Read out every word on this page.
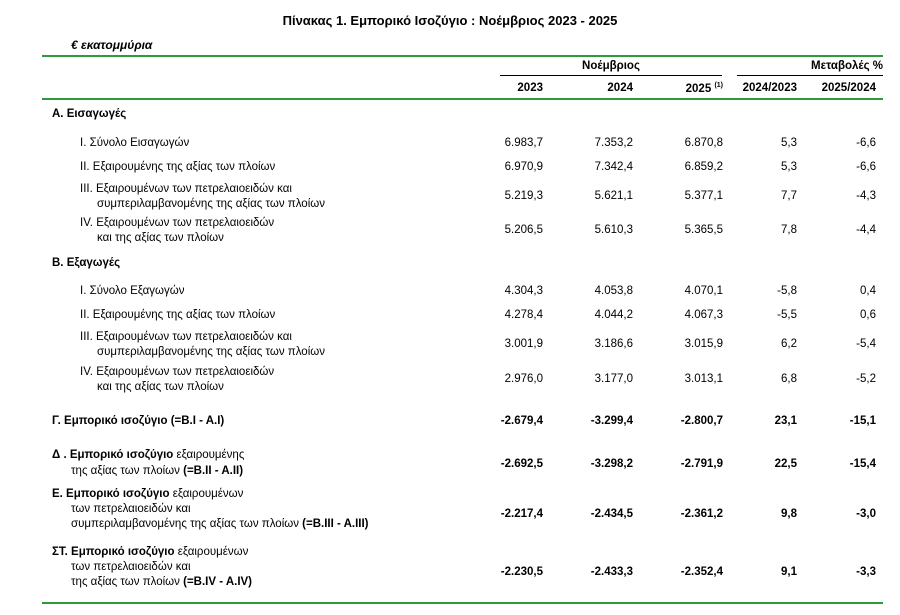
Πίνακας 1. Εμπορικό Ισοζύγιο : Νοέμβριος 2023 - 2025
€ εκατομμύρια
Νοέμβριος	Μεταβολές %
2023	2024	2025 $^{(1)}$	2024/2023	2025/2024
Α. Εισαγωγές
I. Σύνολο Εισαγωγών	6.983,7	7.353,2	6.870,8	5,3	-6,6
II. Εξαιρουμένης της αξίας των πλοίων	6.970,9	7.342,4	6.859,2	5,3	-6,6
III. Εξαιρουμένων των πετρελαιοειδών και
συμπεριλαμβανομένης της αξίας των πλοίων
5.219,3	5.621,1	5.377,1	7,7	-4,3
IV. Εξαιρουμένων των πετρελαιοειδών
και της αξίας των πλοίων
5.206,5	5.610,3	5.365,5	7,8	-4,4
Β. Εξαγωγές
I. Σύνολο Εξαγωγών	4.304,3	4.053,8	4.070,1	-5,8	0,4
II. Εξαιρουμένης της αξίας των πλοίων	4.278,4	4.044,2	4.067,3	-5,5	0,6
III. Εξαιρουμένων των πετρελαιοειδών και
συμπεριλαμβανομένης της αξίας των πλοίων
3.001,9	3.186,6	3.015,9	6,2	-5,4
IV. Εξαιρουμένων των πετρελαιοειδών
και της αξίας των πλοίων
2.976,0	3.177,0	3.013,1	6,8	-5,2
Γ. Εμπορικό ισοζύγιο (=Β.Ι - Α.Ι)	-2.679,4	-3.299,4	-2.800,7	23,1	-15,1
Δ . Εμπορικό ισοζύγιο εξαιρουμένης
της αξίας των πλοίων (=Β.ΙΙ - Α.ΙΙ)
-2.692,5	-3.298,2	-2.791,9	22,5	-15,4
Ε. Εμπορικό ισοζύγιο εξαιρουμένων
των πετρελαιοειδών και
συμπεριλαμβανομένης της αξίας των πλοίων (=Β.ΙΙΙ - Α.ΙΙΙ)
-2.217,4	-2.434,5	-2.361,2	9,8	-3,0
ΣΤ. Εμπορικό ισοζύγιο εξαιρουμένων
των πετρελαιοειδών και
της αξίας των πλοίων (=Β.IV - A.IV)
-2.230,5	-2.433,3	-2.352,4	9,1	-3,3
